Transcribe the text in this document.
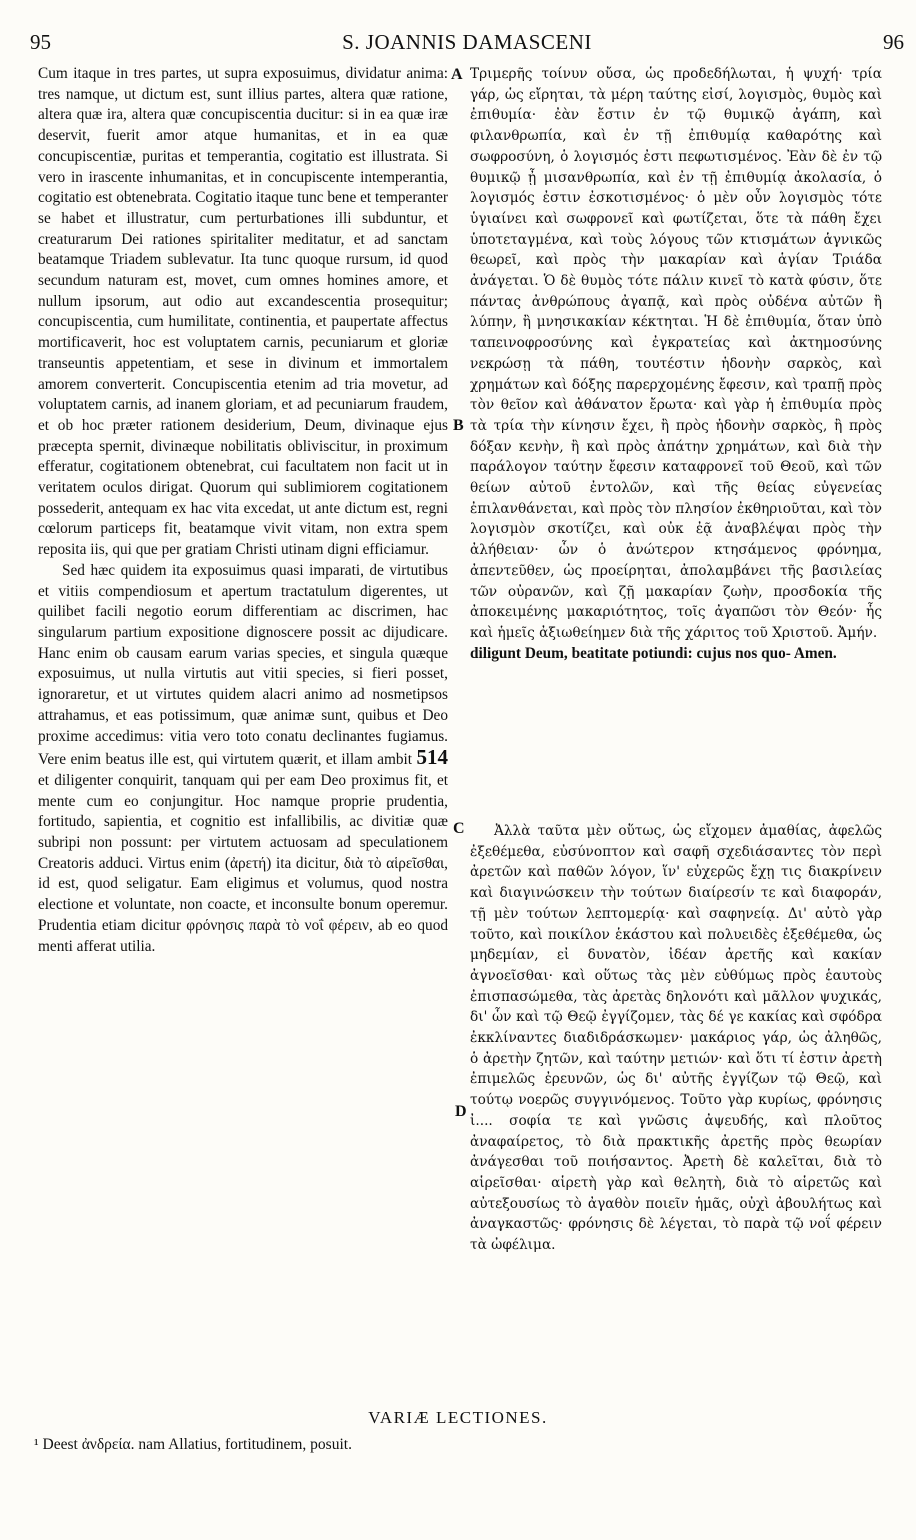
95	S. JOANNIS DAMASCENI	96

Cum itaque in tres partes, ut supra exposuimus, dividatur anima: tres namque, ut dictum est, sunt illius partes, altera quæ ratione, altera quæ ira, altera quæ concupiscentia ducitur: si in ea quæ iræ deservit, fuerit amor atque humanitas, et in ea quæ concupiscentiæ, puritas et temperantia, cogitatio est illustrata. Si vero in irascente inhumanitas, et in concupiscente intemperantia, cogitatio est obtenebrata. Cogitatio itaque tunc bene et temperanter se habet et illustratur, cum perturbationes illi subduntur, et creaturarum Dei rationes spiritaliter meditatur, et ad sanctam beatamque Triadem sublevatur. Ita tunc quoque rursum, id quod secundum naturam est, movet, cum omnes homines amore, et nullum ipsorum, aut odio aut excandescentia prosequitur; concupiscentia, cum humilitate, continentia, et paupertate affectus mortificaverit, hoc est voluptatem carnis, pecuniarum et gloriæ transeuntis appetentiam, et sese in divinum et immortalem amorem converterit. Concupiscentia etenim ad tria movetur, ad voluptatem carnis, ad inanem gloriam, et ad pecuniarum fraudem, et ob hoc præter rationem desiderium, Deum, divinaque ejus præcepta spernit, divinæque nobilitatis obliviscitur, in proximum efferatur, cogitationem obtenebrat, cui facultatem non facit ut in veritatem oculos dirigat. Quorum qui sublimiorem cogitationem possederit, antequam ex hac vita excedat, ut ante dictum est, regni cœlorum particeps fit, beatamque vivit vitam, non extra spem reposita iis, qui que per gratiam Christi utinam digni efficiamur.

Sed hæc quidem ita exposuimus quasi imparati, de virtutibus et vitiis compendiosum et apertum tractatulum digerentes, ut quilibet facili negotio eorum differentiam ac discrimen, hac singularum partium expositione dignoscere possit ac dijudicare. Hanc enim ob causam earum varias species, et singula quæque exposuimus, ut nulla virtutis aut vitii species, si fieri posset, ignoraretur, et ut virtutes quidem alacri animo ad nosmetipsos attrahamus, et eas potissimum, quæ animæ sunt, quibus et Deo proxime accedimus: vitia vero toto conatu declinantes fugiamus. Vere enim beatus ille est, qui virtutem quærit, et illam ambit 514 et diligenter conquirit, tanquam qui per eam Deo proximus fit, et mente cum eo conjungitur. Hoc namque proprie prudentia, fortitudo, sapientia, et cognitio est infallibilis, ac divitiæ quæ subripi non possunt: per virtutem actuosam ad speculationem Creatoris adduci. Virtus enim (ἀρετή) ita dicitur, διὰ τὸ αἱρεῖσθαι, id est, quod seligatur. Eam eligimus et volumus, quod nostra electione et voluntate, non coacte, et inconsulte bonum operemur. Prudentia etiam dicitur φρόνησις παρὰ τὸ νοΐ φέρειν, ab eo quod menti afferat utilia.

A
B
C
D

Τριμερῆς τοίνυν οὔσα, ὡς προδεδήλωται, ἡ ψυχή· τρία γάρ, ὡς εἴρηται, τὰ μέρη ταύτης εἰσί, λογισμὸς, θυμὸς καὶ ἐπιθυμία· ἐὰν ἔστιν ἐν τῷ θυμικῷ ἀγάπη, καὶ φιλανθρωπία, καὶ ἐν τῇ ἐπιθυμίᾳ καθαρότης καὶ σωφροσύνη, ὁ λογισμός ἐστι πεφωτισμένος. Ἐὰν δὲ ἐν τῷ θυμικῷ ᾖ μισανθρωπία, καὶ ἐν τῇ ἐπιθυμίᾳ ἀκολασία, ὁ λογισμός ἐστιν ἐσκοτισμένος· ὁ μὲν οὖν λογισμὸς τότε ὑγιαίνει καὶ σωφρονεῖ καὶ φωτίζεται, ὅτε τὰ πάθη ἔχει ὑποτεταγμένα, καὶ τοὺς λόγους τῶν κτισμάτων ἁγνικῶς θεωρεῖ, καὶ πρὸς τὴν μακαρίαν καὶ ἁγίαν Τριάδα ἀνάγεται. Ὁ δὲ θυμὸς τότε πάλιν κινεῖ τὸ κατὰ φύσιν, ὅτε πάντας ἀνθρώπους ἀγαπᾷ, καὶ πρὸς οὐδένα αὐτῶν ἢ λύπην, ἢ μνησικακίαν κέκτηται. Ἡ δὲ ἐπιθυμία, ὅταν ὑπὸ ταπεινοφροσύνης καὶ ἐγκρατείας καὶ ἀκτημοσύνης νεκρώσῃ τὰ πάθη, τουτέστιν ἡδονὴν σαρκὸς, καὶ χρημάτων καὶ δόξης παρερχομένης ἔφεσιν, καὶ τραπῇ πρὸς τὸν θεῖον καὶ ἀθάνατον ἔρωτα· καὶ γὰρ ἡ ἐπιθυμία πρὸς τὰ τρία τὴν κίνησιν ἔχει, ἢ πρὸς ἡδονὴν σαρκὸς, ἢ πρὸς δόξαν κενὴν, ἢ καὶ πρὸς ἀπάτην χρημάτων, καὶ διὰ τὴν παράλογον ταύτην ἔφεσιν καταφρονεῖ τοῦ Θεοῦ, καὶ τῶν θείων αὐτοῦ ἐντολῶν, καὶ τῆς θείας εὐγενείας ἐπιλανθάνεται, καὶ πρὸς τὸν πλησίον ἐκθηριοῦται, καὶ τὸν λογισμὸν σκοτίζει, καὶ οὐκ ἐᾷ ἀναβλέψαι πρὸς τὴν ἀλήθειαν· ὧν ὁ ἀνώτερον κτησάμενος φρόνημα, ἀπεντεῦθεν, ὡς προείρηται, ἀπολαμβάνει τῆς βασιλείας τῶν οὐρανῶν, καὶ ζῇ μακαρίαν ζωὴν, προσδοκία τῆς ἀποκειμένης μακαριότητος, τοῖς ἀγαπῶσι τὸν Θεόν· ἧς καὶ ἡμεῖς ἀξιωθείημεν διὰ τῆς χάριτος τοῦ Χριστοῦ. Ἀμήν.

diligunt Deum, beatitate potiundi: cujus nos quo- Amen.

Ἀλλὰ ταῦτα μὲν οὕτως, ὡς εἴχομεν ἀμαθίας, ἀφελῶς ἐξεθέμεθα, εὐσύνοπτον καὶ σαφῆ σχεδιάσαντες τὸν περὶ ἀρετῶν καὶ παθῶν λόγον, ἵν' εὐχερῶς ἔχῃ τις διακρίνειν καὶ διαγινώσκειν τὴν τούτων διαίρεσίν τε καὶ διαφοράν, τῇ μὲν τούτων λεπτομερίᾳ· καὶ σαφηνείᾳ. Δι' αὐτὸ γὰρ τοῦτο, καὶ ποικίλον ἑκάστου καὶ πολυειδὲς ἐξεθέμεθα, ὡς μηδεμίαν, εἰ δυνατὸν, ἰδέαν ἀρετῆς καὶ κακίαν ἀγνοεῖσθαι· καὶ οὕτως τὰς μὲν εὐθύμως πρὸς ἑαυτοὺς ἐπισπασώμεθα, τὰς ἀρετὰς δηλονότι καὶ μᾶλλον ψυχικάς, δι' ὧν καὶ τῷ Θεῷ ἐγγίζομεν, τὰς δέ γε κακίας καὶ σφόδρα ἐκκλίναντες διαδιδράσκωμεν· μακάριος γάρ, ὡς ἀληθῶς, ὁ ἀρετὴν ζητῶν, καὶ ταύτην μετιών· καὶ ὅτι τί ἐστιν ἀρετὴ ἐπιμελῶς ἐρευνῶν, ὡς δι' αὐτῆς ἐγγίζων τῷ Θεῷ, καὶ τούτῳ νοερῶς συγγινόμενος. Τοῦτο γὰρ κυρίως, φρόνησις ἰ.... σοφία τε καὶ γνῶσις ἀψευδής, καὶ πλοῦτος ἀναφαίρετος, τὸ διὰ πρακτικῆς ἀρετῆς πρὸς θεωρίαν ἀνάγεσθαι τοῦ ποιήσαντος. Ἀρετὴ δὲ καλεῖται, διὰ τὸ αἱρεῖσθαι· αἱρετὴ γὰρ καὶ θελητὴ, διὰ τὸ αἱρετῶς καὶ αὐτεξουσίως τὸ ἀγαθὸν ποιεῖν ἡμᾶς, οὐχὶ ἀβουλήτως καὶ ἀναγκαστῶς· φρόνησις δὲ λέγεται, τὸ παρὰ τῷ νοΐ φέρειν τὰ ὠφέλιμα.

VARIÆ LECTIONES.
¹ Deest ἀνδρεία. nam Allatius, fortitudinem, posuit.
